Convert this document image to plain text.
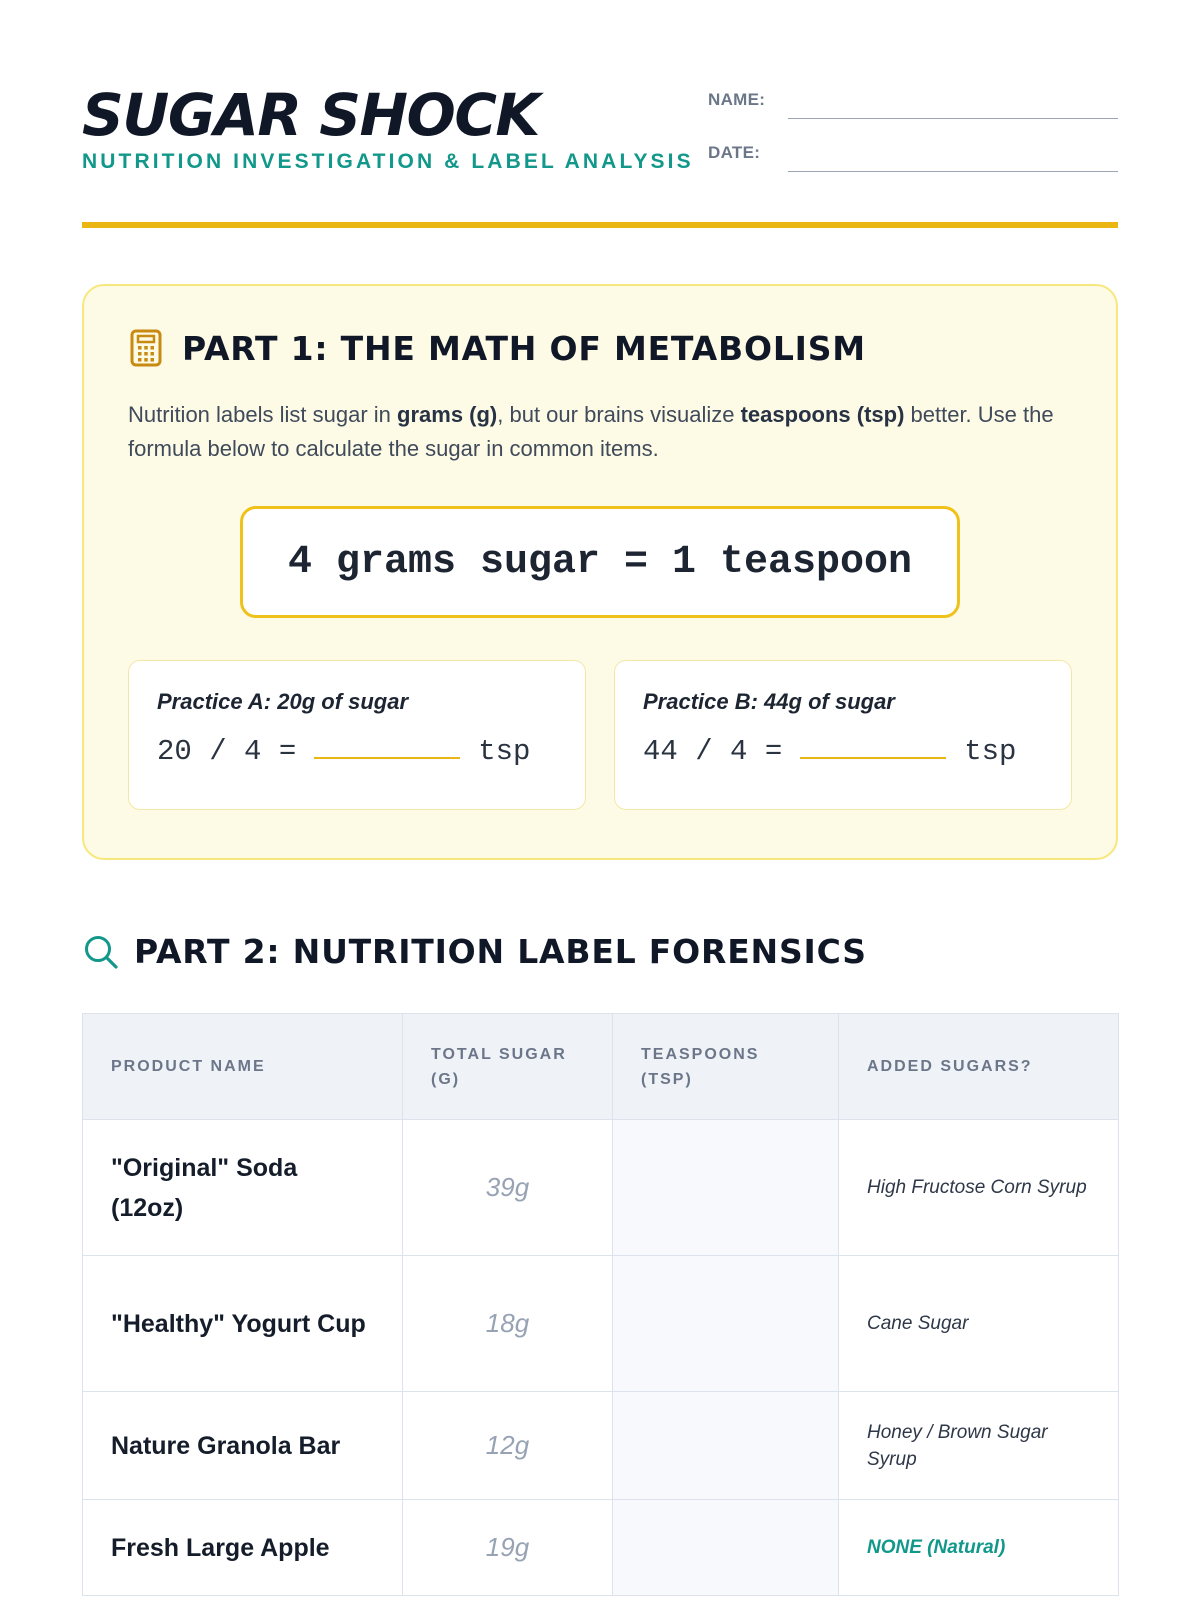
SUGAR SHOCK
NUTRITION INVESTIGATION & LABEL ANALYSIS
NAME:
DATE:
PART 1: THE MATH OF METABOLISM

Nutrition labels list sugar in grams (g), but our brains visualize teaspoons (tsp) better. Use the formula below to calculate the sugar in common items.

4 grams sugar = 1 teaspoon
Practice A: 20g of sugar
20 / 4 =	tsp
Practice B: 44g of sugar
44 / 4 =	tsp
PART 2: NUTRITION LABEL FORENSICS
PRODUCT NAME	TOTAL SUGAR (G)	TEASPOONS (TSP)	ADDED SUGARS?
"Original" Soda (12oz)	39g		High Fructose Corn Syrup
"Healthy" Yogurt Cup	18g		Cane Sugar
Nature Granola Bar	12g		Honey / Brown Sugar Syrup
Fresh Large Apple	19g		NONE (Natural)
